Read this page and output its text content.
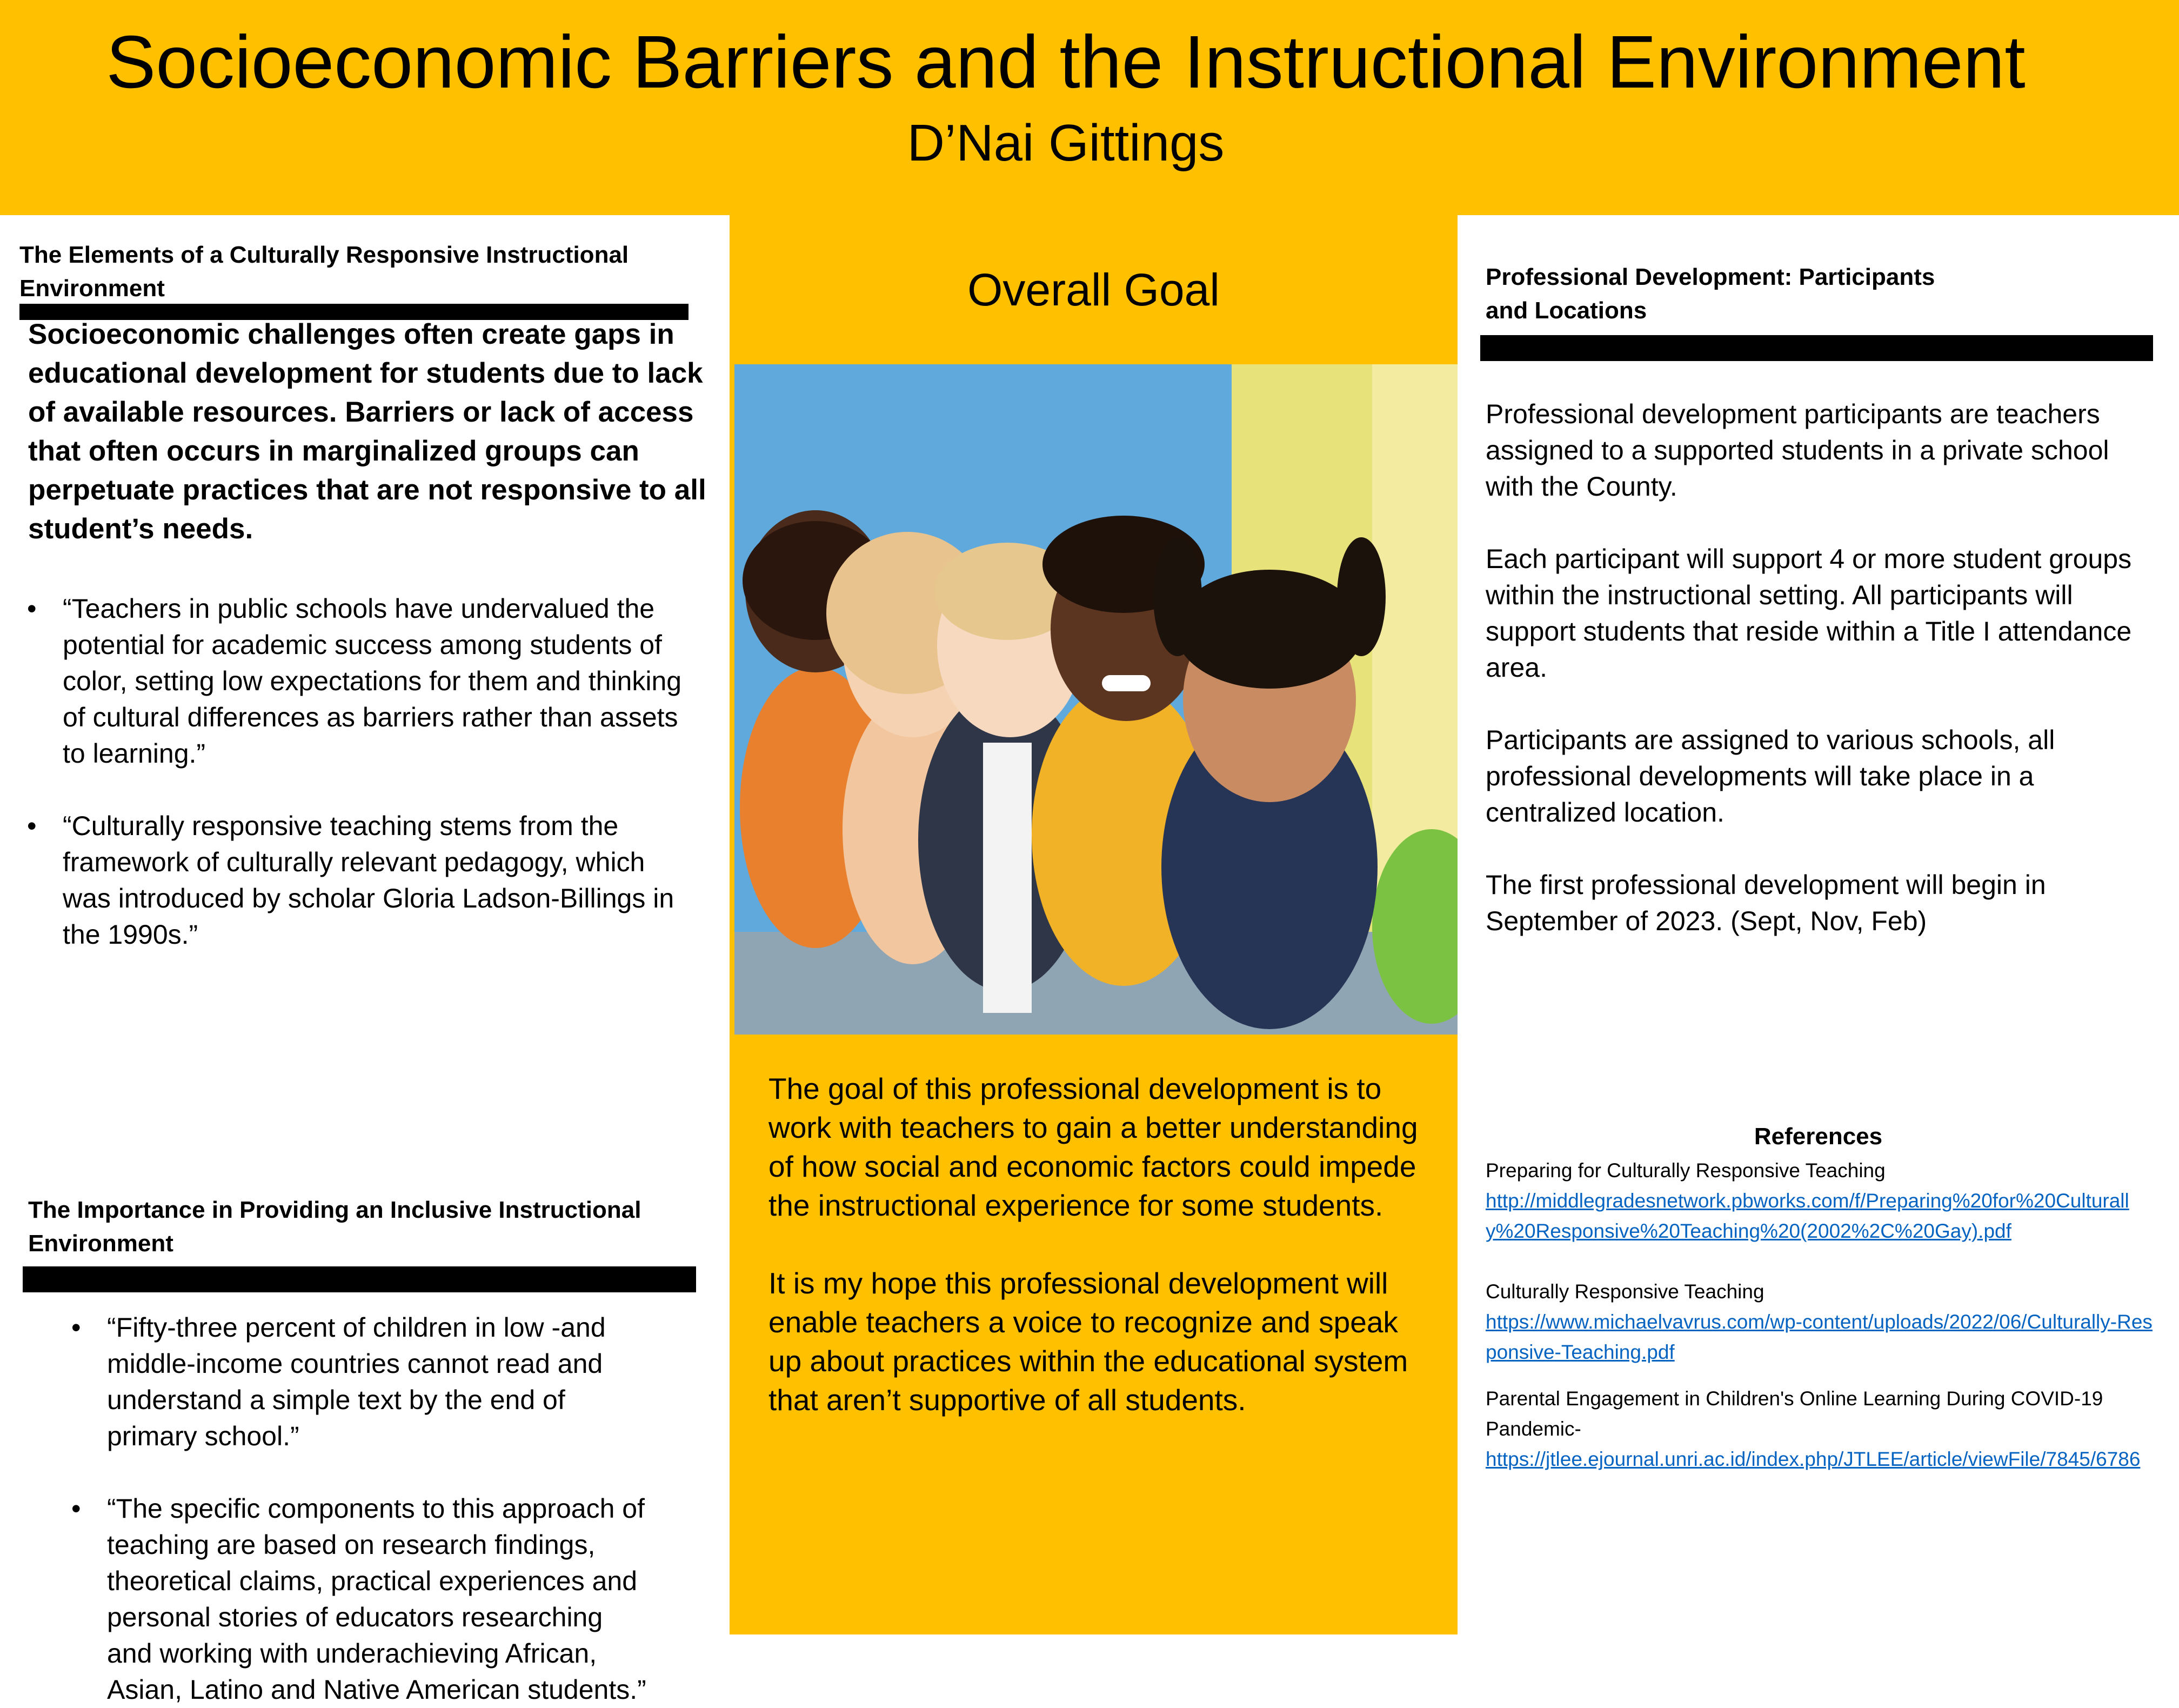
Socioeconomic Barriers and the Instructional Environment
D’Nai Gittings
The Elements of a Culturally Responsive Instructional Environment
Socioeconomic challenges often create gaps in educational development for students due to lack of available resources. Barriers or lack of access that often occurs in marginalized groups can perpetuate practices that are not responsive to all student’s needs.
• “Teachers in public schools have undervalued the potential for academic success among students of color, setting low expectations for them and thinking of cultural differences as barriers rather than assets to learning.”
• “Culturally responsive teaching stems from the framework of culturally relevant pedagogy, which was introduced by scholar Gloria Ladson-Billings in the 1990s.”
The Importance in Providing an Inclusive Instructional Environment
• “Fifty-three percent of children in low -and middle-income countries cannot read and understand a simple text by the end of primary school.”
• “The specific components to this approach of teaching are based on research findings, theoretical claims, practical experiences and personal stories of educators researching and working with underachieving African, Asian, Latino and Native American students.”
Overall Goal

The goal of this professional development is to work with teachers to gain a better understanding of how social and economic factors could impede the instructional experience for some students.

It is my hope this professional development will enable teachers a voice to recognize and speak up about practices within the educational system that aren’t supportive of all students.

Professional Development: Participants and Locations

Professional development participants are teachers assigned to a supported students in a private school with the County.

Each participant will support 4 or more student groups within the instructional setting. All participants will support students that reside within a Title I attendance area.

Participants are assigned to various schools, all professional developments will take place in a centralized location.

The first professional development will begin in September of 2023. (Sept, Nov, Feb)

References
Preparing for Culturally Responsive Teaching
http://middlegradesnetwork.pbworks.com/f/Preparing%20for%20Culturally%20Responsive%20Teaching%20(2002%2C%20Gay).pdf
Culturally Responsive Teaching
https://www.michaelvavrus.com/wp-content/uploads/2022/06/Culturally-Responsive-Teaching.pdf
Parental Engagement in Children's Online Learning During COVID-19 Pandemic-
https://jtlee.ejournal.unri.ac.id/index.php/JTLEE/article/viewFile/7845/6786
